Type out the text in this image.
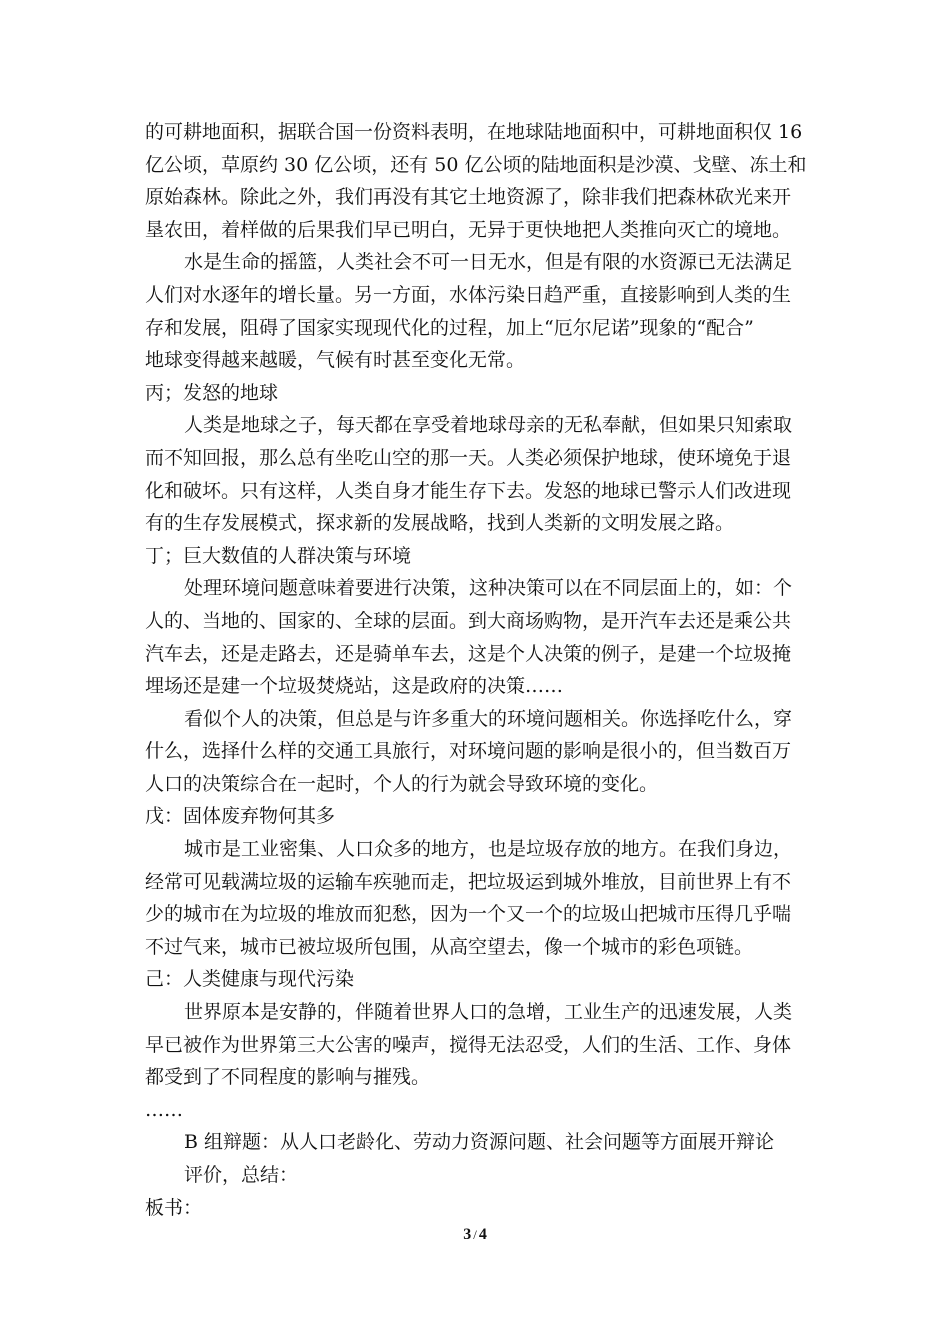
的可耕地面积，据联合国一份资料表明，在地球陆地面积中，可耕地面积仅 16
亿公顷，草原约 30 亿公顷，还有 50 亿公顷的陆地面积是沙漠、戈壁、冻土和
原始森林。除此之外，我们再没有其它土地资源了，除非我们把森林砍光来开
垦农田，着样做的后果我们早已明白，无异于更快地把人类推向灭亡的境地。
水是生命的摇篮，人类社会不可一日无水，但是有限的水资源已无法满足
人们对水逐年的增长量。另一方面，水体污染日趋严重，直接影响到人类的生
存和发展，阻碍了国家实现现代化的过程，加上“厄尔尼诺”现象的“配合”
地球变得越来越暖，气候有时甚至变化无常。
丙；发怒的地球
人类是地球之子，每天都在享受着地球母亲的无私奉献，但如果只知索取
而不知回报，那么总有坐吃山空的那一天。人类必须保护地球，使环境免于退
化和破坏。只有这样，人类自身才能生存下去。发怒的地球已警示人们改进现
有的生存发展模式，探求新的发展战略，找到人类新的文明发展之路。
丁；巨大数值的人群决策与环境
处理环境问题意味着要进行决策，这种决策可以在不同层面上的，如：个
人的、当地的、国家的、全球的层面。到大商场购物，是开汽车去还是乘公共
汽车去，还是走路去，还是骑单车去，这是个人决策的例子，是建一个垃圾掩
埋场还是建一个垃圾焚烧站，这是政府的决策……
看似个人的决策，但总是与许多重大的环境问题相关。你选择吃什么，穿
什么，选择什么样的交通工具旅行，对环境问题的影响是很小的，但当数百万
人口的决策综合在一起时，个人的行为就会导致环境的变化。
戊：固体废弃物何其多
城市是工业密集、人口众多的地方，也是垃圾存放的地方。在我们身边，
经常可见载满垃圾的运输车疾驰而走，把垃圾运到城外堆放，目前世界上有不
少的城市在为垃圾的堆放而犯愁，因为一个又一个的垃圾山把城市压得几乎喘
不过气来，城市已被垃圾所包围，从高空望去，像一个城市的彩色项链。
己：人类健康与现代污染
世界原本是安静的，伴随着世界人口的急增，工业生产的迅速发展，人类
早已被作为世界第三大公害的噪声，搅得无法忍受，人们的生活、工作、身体
都受到了不同程度的影响与摧残。
……
B 组辩题：从人口老龄化、劳动力资源问题、社会问题等方面展开辩论
评价，总结：
板书：
3 / 4
